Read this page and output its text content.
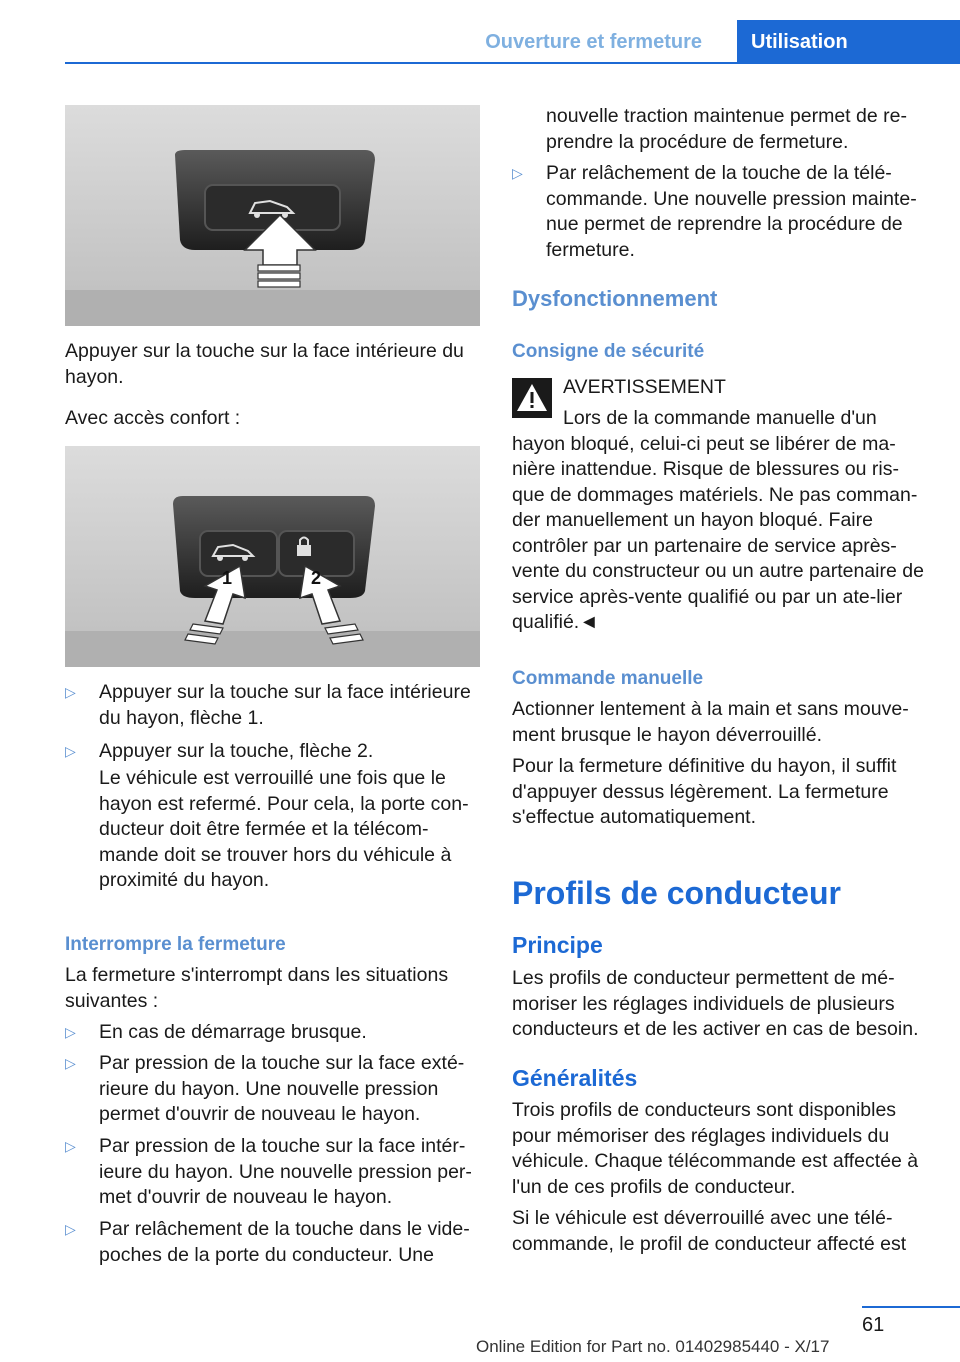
Ouverture et fermeture	Utilisation
Appuyer sur la touche sur la face intérieure du hayon.
Avec accès confort :
1	2
▷ Appuyer sur la touche sur la face intérieure du hayon, flèche 1.
▷ Appuyer sur la touche, flèche 2.
Le véhicule est verrouillé une fois que le hayon est refermé. Pour cela, la porte con-ducteur doit être fermée et la télécom-mande doit se trouver hors du véhicule à proximité du hayon.
Interrompre la fermeture
La fermeture s'interrompt dans les situations suivantes :
▷ En cas de démarrage brusque.
▷ Par pression de la touche sur la face exté-rieure du hayon. Une nouvelle pression permet d'ouvrir de nouveau le hayon.
▷ Par pression de la touche sur la face intér-ieure du hayon. Une nouvelle pression per-met d'ouvrir de nouveau le hayon.
▷ Par relâchement de la touche dans le vide-poches de la porte du conducteur. Une
nouvelle traction maintenue permet de re-prendre la procédure de fermeture.
▷ Par relâchement de la touche de la télé-commande. Une nouvelle pression mainte-nue permet de reprendre la procédure de fermeture.
Dysfonctionnement
Consigne de sécurité
AVERTISSEMENT
Lors de la commande manuelle d'un hayon bloqué, celui-ci peut se libérer de ma-nière inattendue. Risque de blessures ou ris-que de dommages matériels. Ne pas comman-der manuellement un hayon bloqué. Faire contrôler par un partenaire de service après-vente du constructeur ou un autre partenaire de service après-vente qualifié ou par un ate-lier qualifié.◄
Commande manuelle
Actionner lentement à la main et sans mouve-ment brusque le hayon déverrouillé.
Pour la fermeture définitive du hayon, il suffit d'appuyer dessus légèrement. La fermeture s'effectue automatiquement.
Profils de conducteur
Principe
Les profils de conducteur permettent de mé-moriser les réglages individuels de plusieurs conducteurs et de les activer en cas de besoin.
Généralités
Trois profils de conducteurs sont disponibles pour mémoriser des réglages individuels du véhicule. Chaque télécommande est affectée à l'un de ces profils de conducteur.
Si le véhicule est déverrouillé avec une télé-commande, le profil de conducteur affecté est
61
Online Edition for Part no. 01402985440 - X/17
